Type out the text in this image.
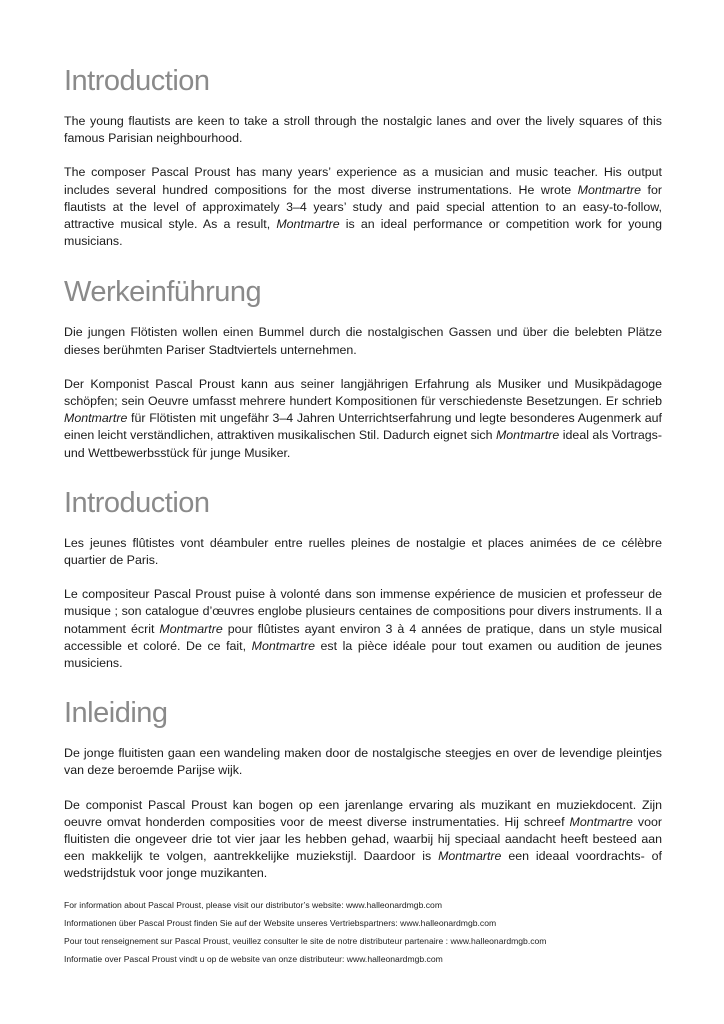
Introduction

The young flautists are keen to take a stroll through the nostalgic lanes and over the lively squares of this famous Parisian neighbourhood.

The composer Pascal Proust has many years’ experience as a musician and music teacher. His output includes several hundred compositions for the most diverse instrumentations. He wrote Montmartre for flautists at the level of approximately 3–4 years’ study and paid special attention to an easy-to-follow, attractive musical style. As a result, Montmartre is an ideal performance or competition work for young musicians.

Werkeinführung

Die jungen Flötisten wollen einen Bummel durch die nostalgischen Gassen und über die belebten Plätze dieses berühmten Pariser Stadtviertels unternehmen.

Der Komponist Pascal Proust kann aus seiner langjährigen Erfahrung als Musiker und Musikpädagoge schöpfen; sein Oeuvre umfasst mehrere hundert Kompositionen für verschiedenste Besetzungen. Er schrieb Montmartre für Flötisten mit ungefähr 3–4 Jahren Unterrichtserfahrung und legte besonderes Augenmerk auf einen leicht verständlichen, attraktiven musikalischen Stil. Dadurch eignet sich Montmartre ideal als Vortrags- und Wettbewerbsstück für junge Musiker.

Introduction

Les jeunes flûtistes vont déambuler entre ruelles pleines de nostalgie et places animées de ce célèbre quartier de Paris.

Le compositeur Pascal Proust puise à volonté dans son immense expérience de musicien et professeur de musique ; son catalogue d’œuvres englobe plusieurs centaines de compositions pour divers instruments. Il a notamment écrit Montmartre pour flûtistes ayant environ 3 à 4 années de pratique, dans un style musical accessible et coloré. De ce fait, Montmartre est la pièce idéale pour tout examen ou audition de jeunes musiciens.

Inleiding

De jonge fluitisten gaan een wandeling maken door de nostalgische steegjes en over de levendige pleintjes van deze beroemde Parijse wijk.

De componist Pascal Proust kan bogen op een jarenlange ervaring als muzikant en muziekdocent. Zijn oeuvre omvat honderden composities voor de meest diverse instrumentaties. Hij schreef Montmartre voor fluitisten die ongeveer drie tot vier jaar les hebben gehad, waarbij hij speciaal aandacht heeft besteed aan een makkelijk te volgen, aantrekkelijke muziekstijl. Daardoor is Montmartre een ideaal voordrachts- of wedstrijdstuk voor jonge muzikanten.

For information about Pascal Proust, please visit our distributor’s website: www.halleonardmgb.com
Informationen über Pascal Proust finden Sie auf der Website unseres Vertriebspartners: www.halleonardmgb.com
Pour tout renseignement sur Pascal Proust, veuillez consulter le site de notre distributeur partenaire : www.halleonardmgb.com
Informatie over Pascal Proust vindt u op de website van onze distributeur: www.halleonardmgb.com
